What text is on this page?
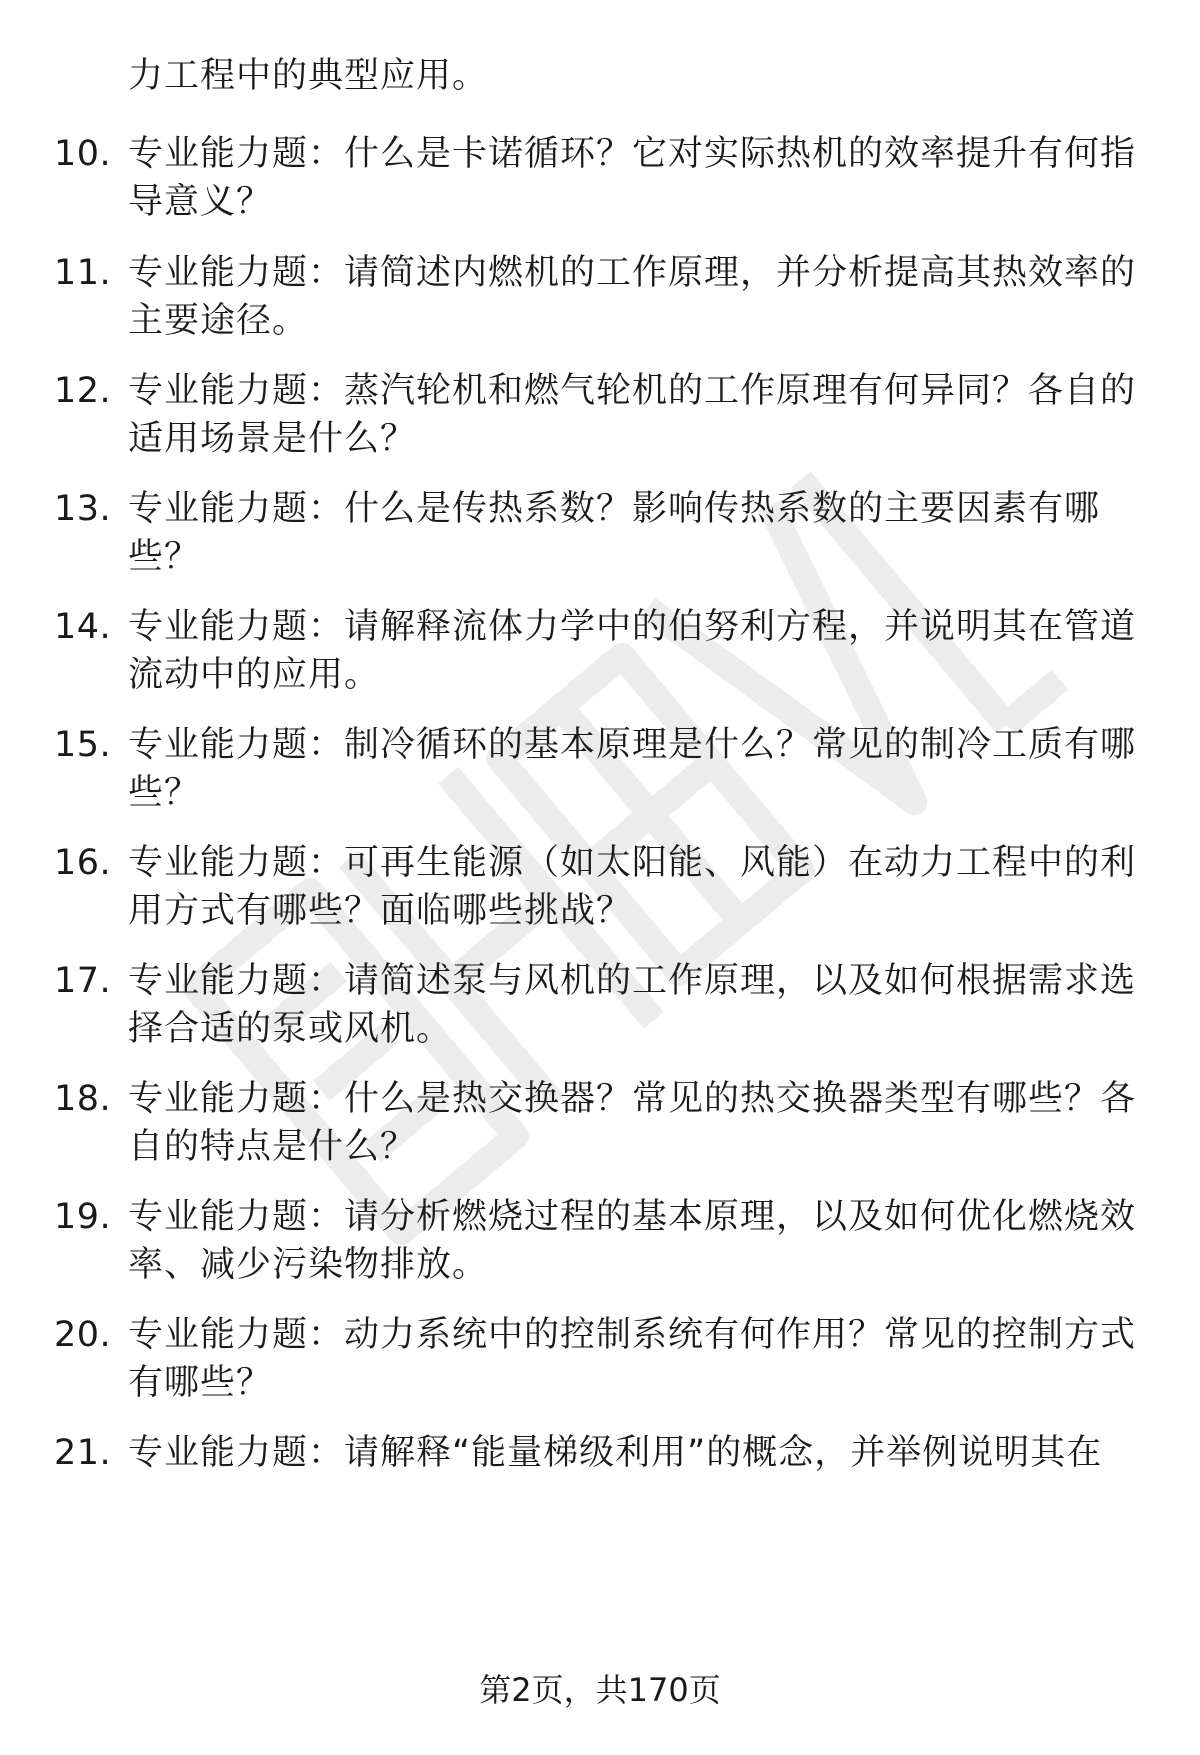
力工程中的典型应用。
10. 专业能力题：什么是卡诺循环？它对实际热机的效率提升有何指导意义？
11. 专业能力题：请简述内燃机的工作原理，并分析提高其热效率的主要途径。
12. 专业能力题：蒸汽轮机和燃气轮机的工作原理有何异同？各自的适用场景是什么？
13. 专业能力题：什么是传热系数？影响传热系数的主要因素有哪些？
14. 专业能力题：请解释流体力学中的伯努利方程，并说明其在管道流动中的应用。
15. 专业能力题：制冷循环的基本原理是什么？常见的制冷工质有哪些？
16. 专业能力题：可再生能源（如太阳能、风能）在动力工程中的利用方式有哪些？面临哪些挑战？
17. 专业能力题：请简述泵与风机的工作原理，以及如何根据需求选择合适的泵或风机。
18. 专业能力题：什么是热交换器？常见的热交换器类型有哪些？各自的特点是什么？
19. 专业能力题：请分析燃烧过程的基本原理，以及如何优化燃烧效率、减少污染物排放。
20. 专业能力题：动力系统中的控制系统有何作用？常见的控制方式有哪些？
21. 专业能力题：请解释“能量梯级利用”的概念，并举例说明其在
第2页，共170页
